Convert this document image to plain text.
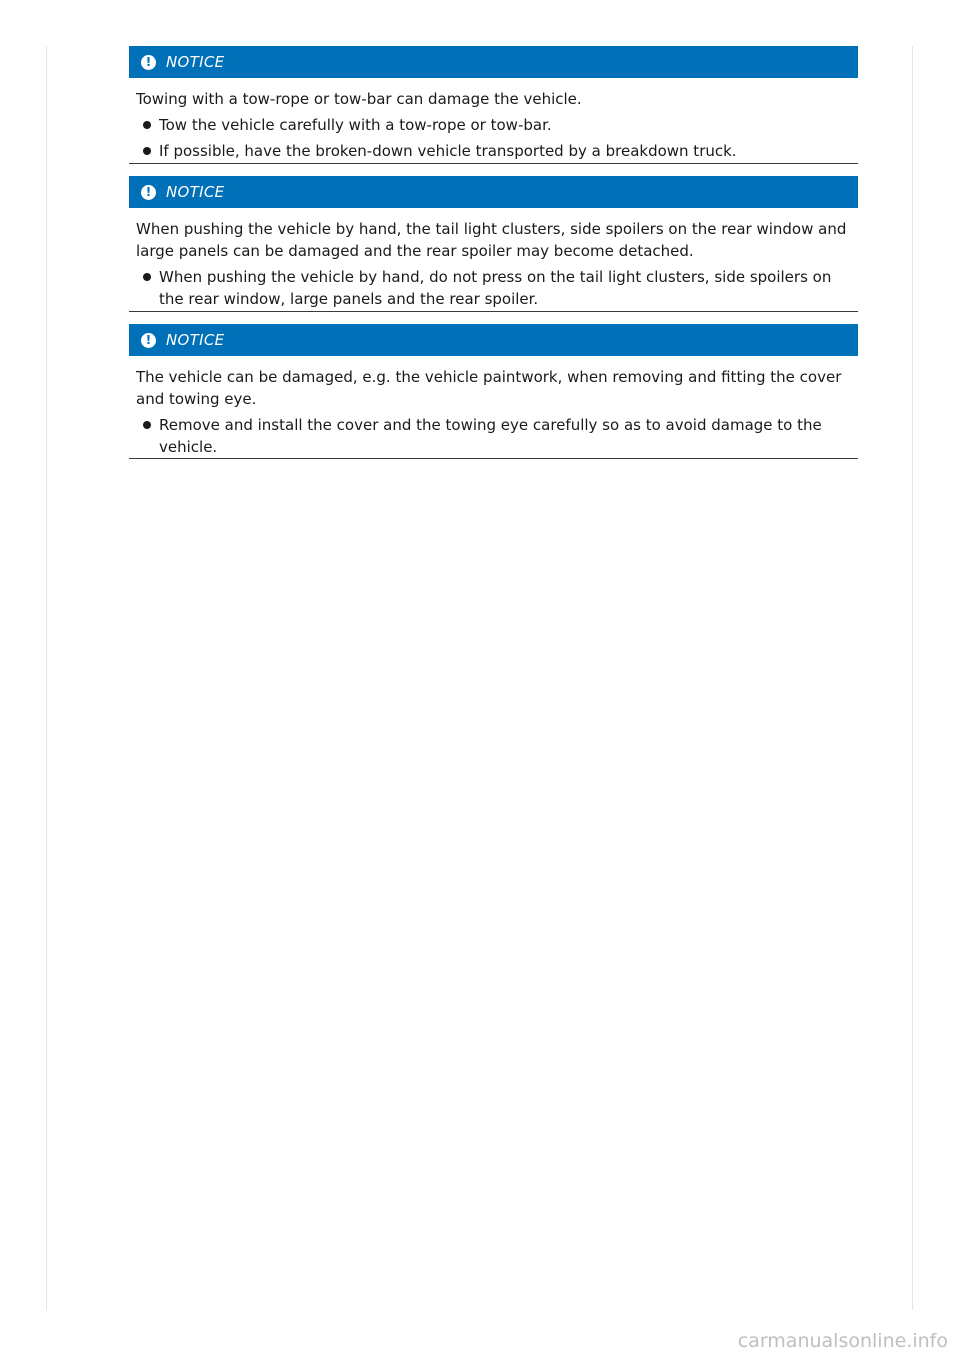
! NOTICE

Towing with a tow-rope or tow-bar can damage the vehicle.

Tow the vehicle carefully with a tow-rope or tow-bar.
If possible, have the broken-down vehicle transported by a breakdown truck.
! NOTICE

When pushing the vehicle by hand, the tail light clusters, side spoilers on the rear window and large panels can be damaged and the rear spoiler may become detached.

When pushing the vehicle by hand, do not press on the tail light clusters, side spoilers on the rear window, large panels and the rear spoiler.
! NOTICE

The vehicle can be damaged, e.g. the vehicle paintwork, when removing and fitting the cover and towing eye.

Remove and install the cover and the towing eye carefully so as to avoid damage to the vehicle.
carmanualsonline.info
